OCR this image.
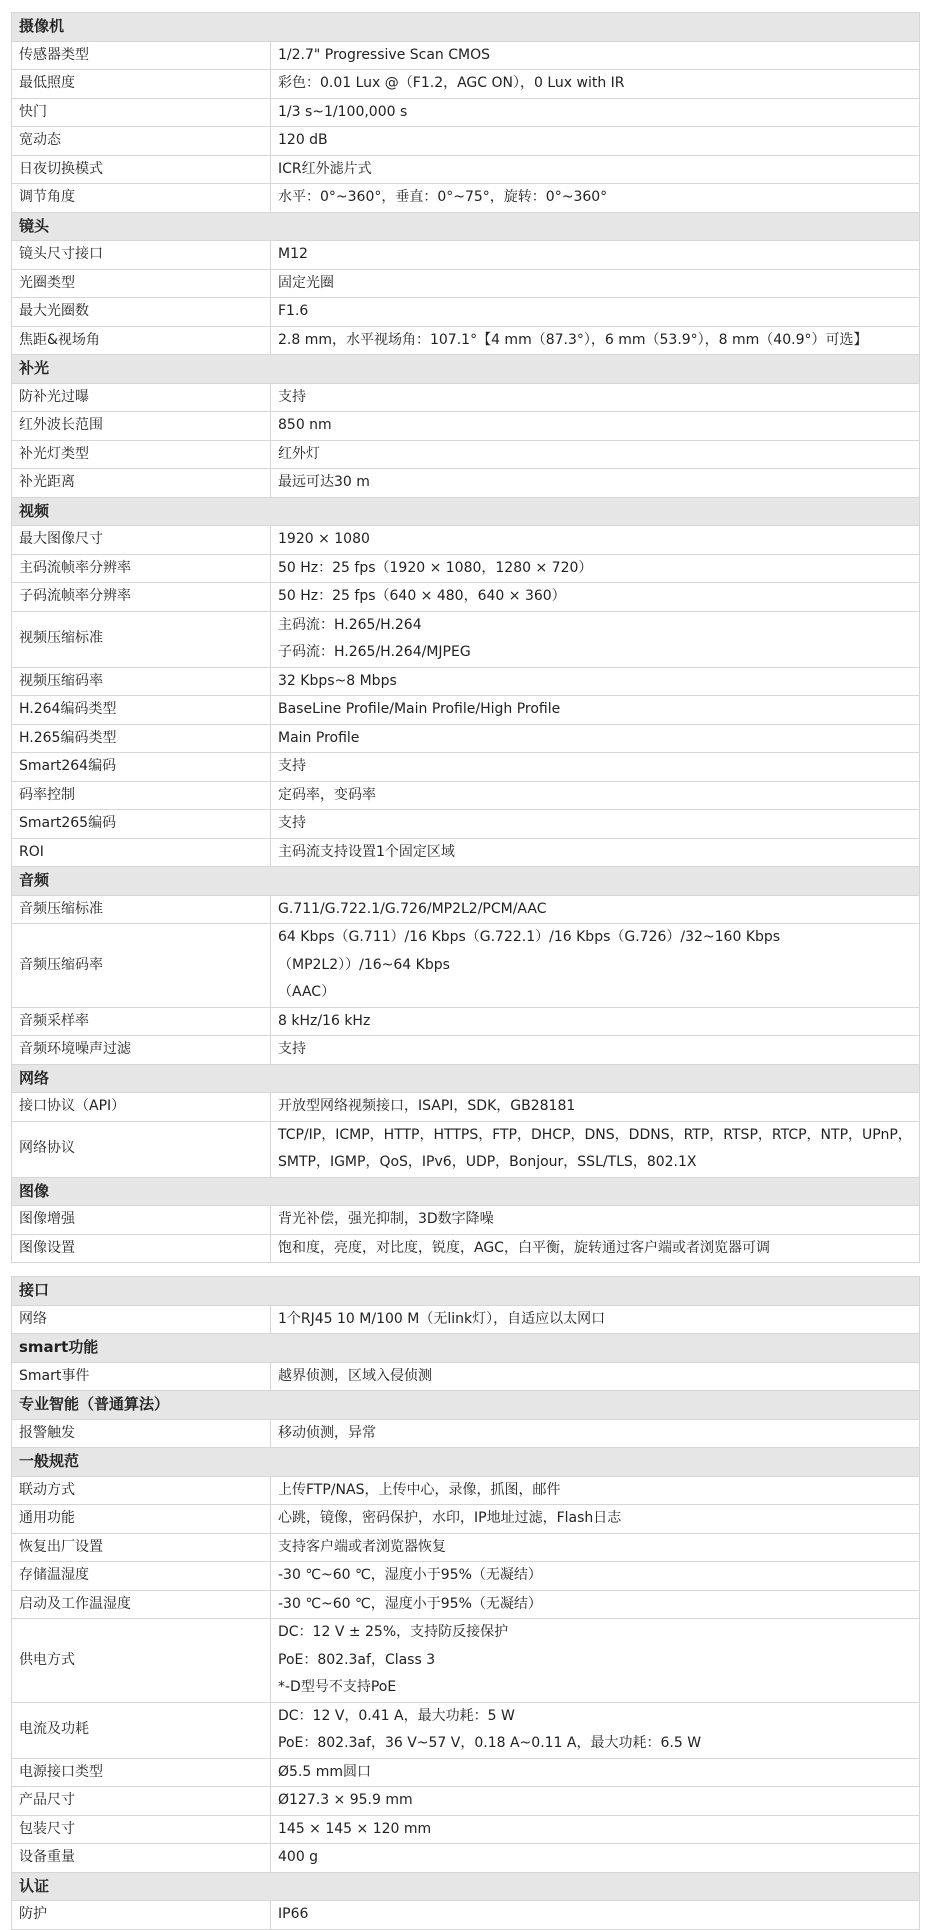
摄像机	
传感器类型	1/2.7" Progressive Scan CMOS

最低照度	彩色：0.01 Lux @（F1.2，AGC ON），0 Lux with IR

快门	1/3 s~1/100,000 s

宽动态	120 dB

日夜切换模式	ICR红外滤片式

调节角度	水平：0°~360°，垂直：0°~75°，旋转：0°~360°

镜头	
镜头尺寸接口	M12

光圈类型	固定光圈

最大光圈数	F1.6

焦距&视场角	2.8 mm，水平视场角：107.1°【4 mm（87.3°），6 mm（53.9°），8 mm（40.9°）可选】

补光	
防补光过曝	支持

红外波长范围	850 nm

补光灯类型	红外灯

补光距离	最远可达30 m

视频	
最大图像尺寸	1920 × 1080

主码流帧率分辨率	50 Hz：25 fps（1920 × 1080，1280 × 720）

子码流帧率分辨率	50 Hz：25 fps（640 × 480，640 × 360）

视频压缩标准	主码流：H.265/H.264
子码流：H.265/H.264/MJPEG

视频压缩码率	32 Kbps~8 Mbps

H.264编码类型	BaseLine Profile/Main Profile/High Profile

H.265编码类型	Main Profile

Smart264编码	支持

码率控制	定码率，变码率

Smart265编码	支持

ROI	主码流支持设置1个固定区域

音频	
音频压缩标准	G.711/G.722.1/G.726/MP2L2/PCM/AAC

音频压缩码率	64 Kbps（G.711）/16 Kbps（G.722.1）/16 Kbps（G.726）/32~160 Kbps（MP2L2））/16~64 Kbps
（AAC）

音频采样率	8 kHz/16 kHz

音频环境噪声过滤	支持

网络	
接口协议（API）	开放型网络视频接口，ISAPI，SDK，GB28181

网络协议	TCP/IP，ICMP，HTTP，HTTPS，FTP，DHCP，DNS，DDNS，RTP，RTSP，RTCP，NTP，UPnP，
SMTP，IGMP，QoS，IPv6，UDP，Bonjour，SSL/TLS，802.1X

图像	
图像增强	背光补偿，强光抑制，3D数字降噪

图像设置	饱和度，亮度，对比度，锐度，AGC，白平衡，旋转通过客户端或者浏览器可调
接口	
网络	1个RJ45 10 M/100 M（无link灯），自适应以太网口

smart功能	
Smart事件	越界侦测，区域入侵侦测

专业智能（普通算法）	
报警触发	移动侦测，异常

一般规范	
联动方式	上传FTP/NAS，上传中心，录像，抓图，邮件

通用功能	心跳，镜像，密码保护，水印，IP地址过滤，Flash日志

恢复出厂设置	支持客户端或者浏览器恢复

存储温湿度	-30 ℃~60 ℃，湿度小于95%（无凝结）

启动及工作温湿度	-30 ℃~60 ℃，湿度小于95%（无凝结）

供电方式	DC：12 V ± 25%，支持防反接保护
PoE：802.3af，Class 3
*-D型号不支持PoE

电流及功耗	DC：12 V，0.41 A，最大功耗：5 W
PoE：802.3af，36 V~57 V，0.18 A~0.11 A，最大功耗：6.5 W

电源接口类型	Ø5.5 mm圆口

产品尺寸	Ø127.3 × 95.9 mm

包装尺寸	145 × 145 × 120 mm

设备重量	400 g

认证	
防护	IP66
